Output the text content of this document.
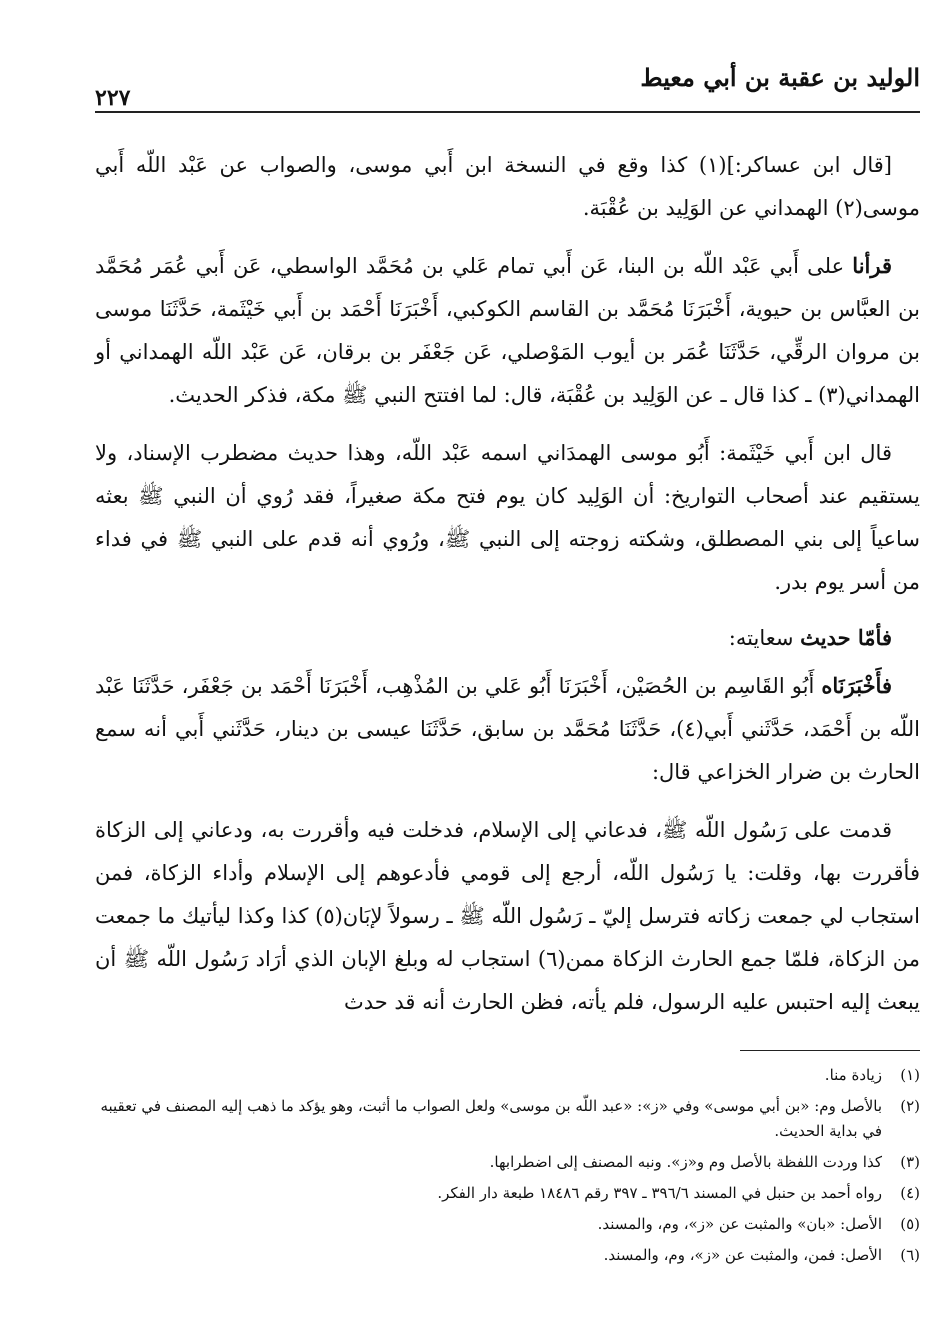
الوليد بن عقبة بن أبي معيط
٢٢٧

[قال ابن عساكر:](١) كذا وقع في النسخة ابن أَبي موسى، والصواب عن عَبْد اللّه أَبي موسى(٢) الهمداني عن الوَلِيد بن عُقْبَة.

قرأنا على أَبي عَبْد اللّه بن البنا، عَن أَبي تمام عَلي بن مُحَمَّد الواسطي، عَن أَبي عُمَر مُحَمَّد بن العبَّاس بن حيوية، أَخْبَرَنَا مُحَمَّد بن القاسم الكوكبي، أَخْبَرَنَا أَحْمَد بن أَبي خَيْثَمة، حَدَّثَنَا موسى بن مروان الرقِّي، حَدَّثَنَا عُمَر بن أيوب المَوْصلي، عَن جَعْفَر بن برقان، عَن عَبْد اللّه الهمداني أو الهمداني(٣) ـ كذا قال ـ عن الوَلِيد بن عُقْبَة، قال: لما افتتح النبي ﷺ مكة، فذكر الحديث.

قال ابن أَبي خَيْثَمة: أَبُو موسى الهمدَاني اسمه عَبْد اللّه، وهذا حديث مضطرب الإسناد، ولا يستقيم عند أصحاب التواريخ: أن الوَلِيد كان يوم فتح مكة صغيراً، فقد رُوي أن النبي ﷺ بعثه ساعياً إلى بني المصطلق، وشكته زوجته إلى النبي ﷺ، ورُوي أنه قدم على النبي ﷺ في فداء من أسر يوم بدر.

فأمّا حديث سعايته:

فأَخْبَرَنَاه أَبُو القَاسِم بن الحُصَيْن، أَخْبَرَنَا أَبُو عَلي بن المُذْهِب، أَخْبَرَنَا أَحْمَد بن جَعْفَر، حَدَّثَنَا عَبْد اللّه بن أَحْمَد، حَدَّثَني أَبي(٤)، حَدَّثَنَا مُحَمَّد بن سابق، حَدَّثَنَا عيسى بن دينار، حَدَّثَني أَبي أنه سمع الحارث بن ضرار الخزاعي قال:

قدمت على رَسُول اللّه ﷺ، فدعاني إلى الإسلام، فدخلت فيه وأقررت به، ودعاني إلى الزكاة فأقررت بها، وقلت: يا رَسُول اللّه، أرجع إلى قومي فأدعوهم إلى الإسلام وأداء الزكاة، فمن استجاب لي جمعت زكاته فترسل إليّ ـ رَسُول اللّه ﷺ ـ رسولاً لإبَان(٥) كذا وكذا ليأتيك ما جمعت من الزكاة، فلمّا جمع الحارث الزكاة ممن(٦) استجاب له وبلغ الإبان الذي أرَاد رَسُول اللّه ﷺ أن يبعث إليه احتبس عليه الرسول، فلم يأته، فظن الحارث أنه قد حدث

(١)
زيادة منا.
(٢)
بالأصل وم: «بن أبي موسى» وفي «ز»: «عبد اللّه بن موسى» ولعل الصواب ما أثبت، وهو يؤكد ما ذهب إليه المصنف في تعقيبه في بداية الحديث.
(٣)
كذا وردت اللفظة بالأصل وم و«ز». ونبه المصنف إلى اضطرابها.
(٤)
رواه أحمد بن حنبل في المسند ٣٩٦/٦ ـ ٣٩٧ رقم ١٨٤٨٦ طبعة دار الفكر.
(٥)
الأصل: «بان» والمثبت عن «ز»، وم، والمسند.
(٦)
الأصل: فمن، والمثبت عن «ز»، وم، والمسند.
